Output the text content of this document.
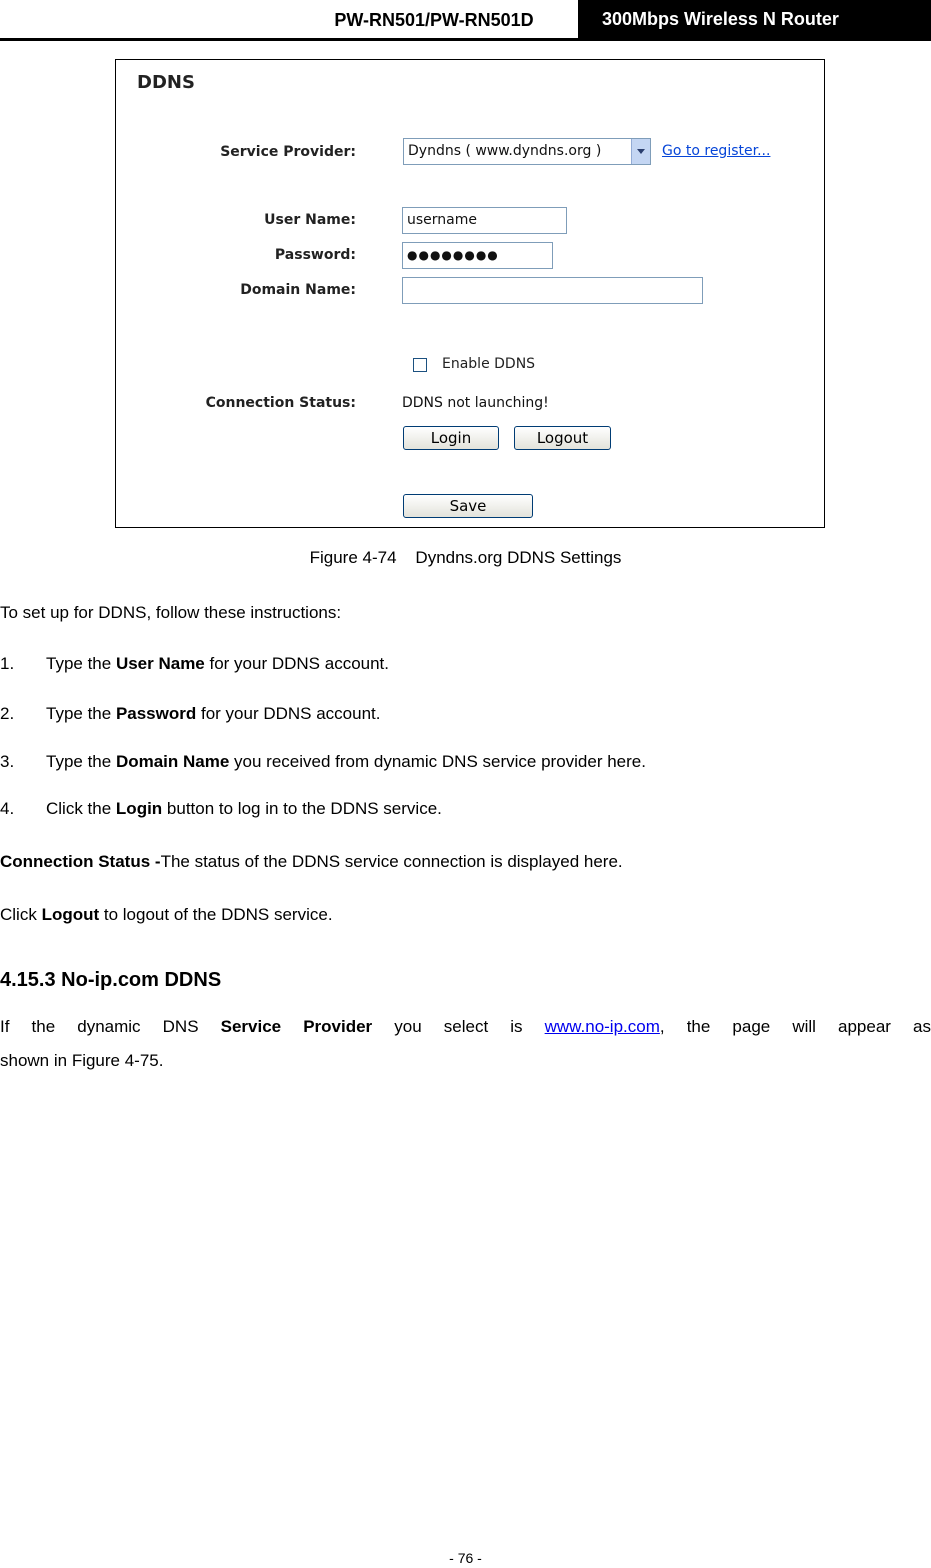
PW-RN501/PW-RN501D	300Mbps Wireless N Router
DDNS
Service Provider:	Dyndns ( www.dyndns.org )	Go to register...
User Name:	username
Password:	●●●●●●●●
Domain Name:
Enable DDNS
Connection Status:	DDNS not launching!
Login	Logout
Save
Figure 4-74    Dyndns.org DDNS Settings
To set up for DDNS, follow these instructions:
1. Type the User Name for your DDNS account.
2. Type the Password for your DDNS account.
3. Type the Domain Name you received from dynamic DNS service provider here.
4. Click the Login button to log in to the DDNS service.
Connection Status -The status of the DDNS service connection is displayed here.
Click Logout to logout of the DDNS service.
4.15.3 No-ip.com DDNS
If the dynamic DNS Service Provider you select is www.no-ip.com, the page will appear as
shown in Figure 4-75.
- 76 -
